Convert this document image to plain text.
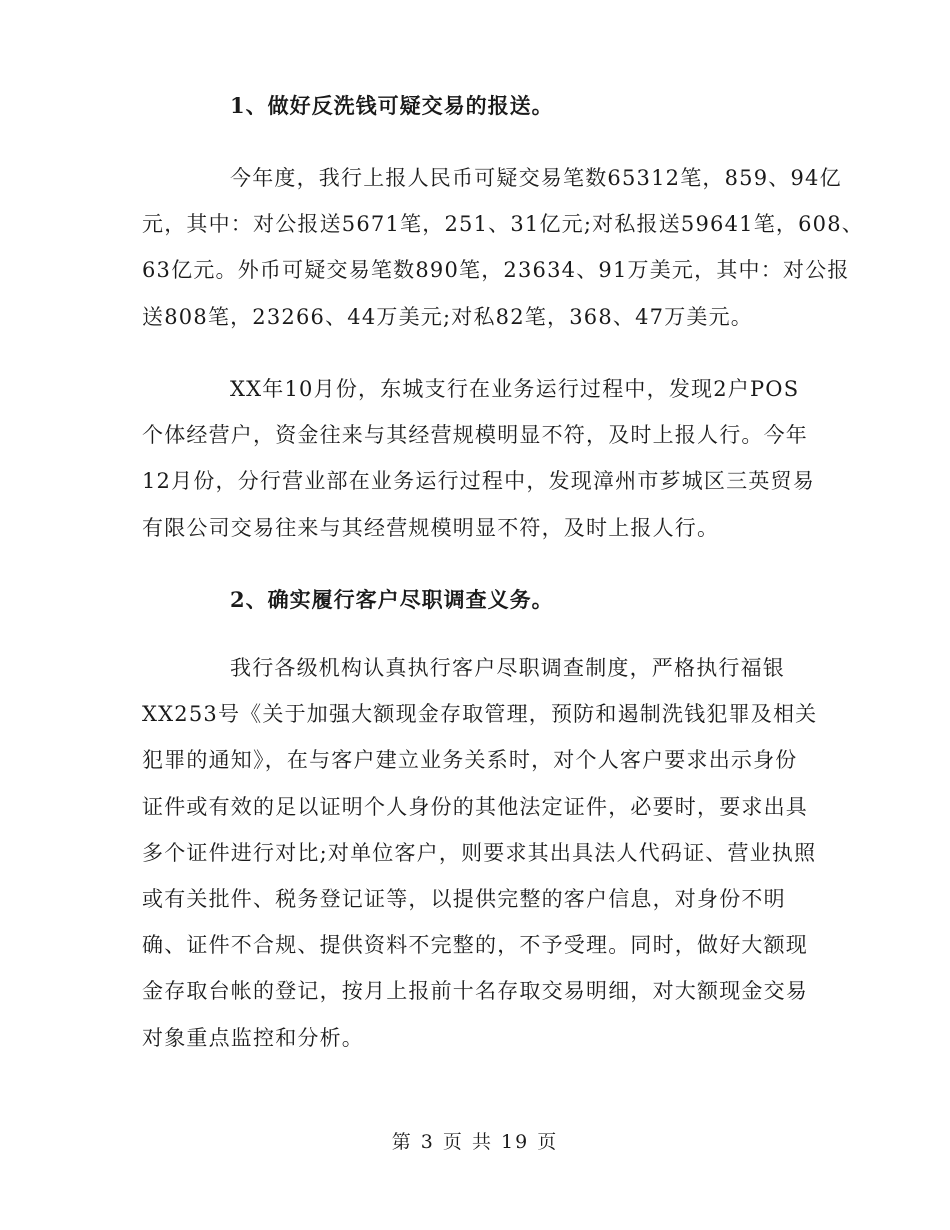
1、做好反洗钱可疑交易的报送。
今年度，我行上报人民币可疑交易笔数65312笔，859、94亿
元，其中：对公报送5671笔，251、31亿元;对私报送59641笔，608、
63亿元。外币可疑交易笔数890笔，23634、91万美元，其中：对公报
送808笔，23266、44万美元;对私82笔，368、47万美元。
XX年10月份，东城支行在业务运行过程中，发现2户POS
个体经营户，资金往来与其经营规模明显不符，及时上报人行。今年
12月份，分行营业部在业务运行过程中，发现漳州市芗城区三英贸易
有限公司交易往来与其经营规模明显不符，及时上报人行。
2、确实履行客户尽职调查义务。
我行各级机构认真执行客户尽职调查制度，严格执行福银
XX253号《关于加强大额现金存取管理，预防和遏制洗钱犯罪及相关
犯罪的通知》，在与客户建立业务关系时，对个人客户要求出示身份
证件或有效的足以证明个人身份的其他法定证件，必要时，要求出具
多个证件进行对比;对单位客户，则要求其出具法人代码证、营业执照
或有关批件、税务登记证等，以提供完整的客户信息，对身份不明
确、证件不合规、提供资料不完整的，不予受理。同时，做好大额现
金存取台帐的登记，按月上报前十名存取交易明细，对大额现金交易
对象重点监控和分析。
第 3 页 共 19 页
